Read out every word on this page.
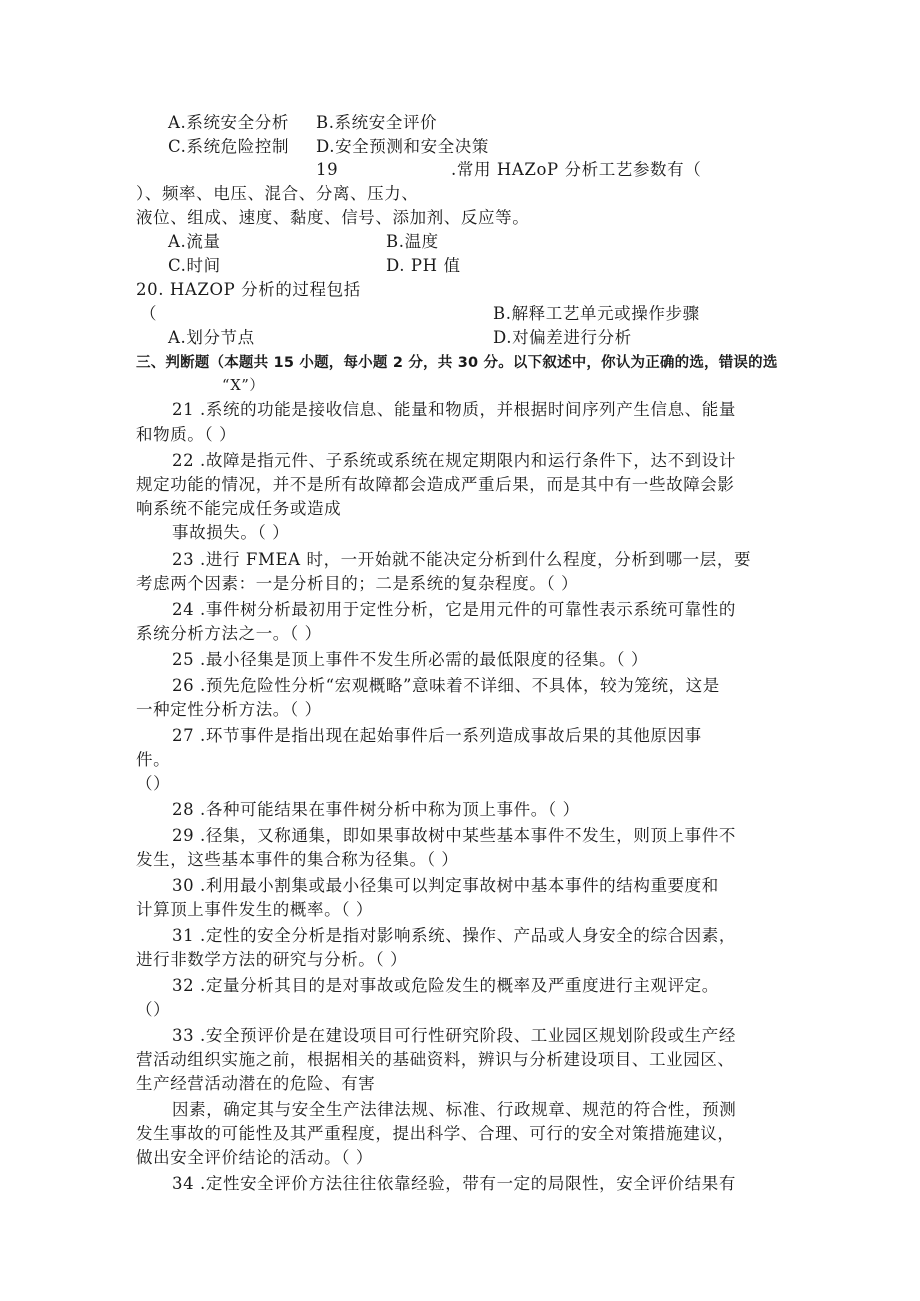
A.系统安全分析 B.系统安全评价
C.系统危险控制 D.安全预测和安全决策
19	.常用 HAZoP 分析工艺参数有（
）、频率、电压、混合、分离、压力、
液位、组成、速度、黏度、信号、添加剂、反应等。
A.流量	B.温度
C.时间	D. PH 值
20. HAZOP 分析的过程包括
（	B.解释工艺单元或操作步骤
A.划分节点	D.对偏差进行分析
三、判断题（本题共 15 小题，每小题 2 分，共 30 分。以下叙述中，你认为正确的选，错误的选
“X”）
21 .系统的功能是接收信息、能量和物质，并根据时间序列产生信息、能量
和物质。（ ）
22 .故障是指元件、子系统或系统在规定期限内和运行条件下，达不到设计
规定功能的情况，并不是所有故障都会造成严重后果，而是其中有一些故障会影
响系统不能完成任务或造成
事故损失。（ ）
23 .进行 FMEA 时，一开始就不能决定分析到什么程度，分析到哪一层，要
考虑两个因素：一是分析目的；二是系统的复杂程度。（ ）
24 .事件树分析最初用于定性分析，它是用元件的可靠性表示系统可靠性的
系统分析方法之一。（ ）
25 .最小径集是顶上事件不发生所必需的最低限度的径集。（ ）
26 .预先危险性分析“宏观概略”意味着不详细、不具体，较为笼统，这是
一种定性分析方法。（ ）
27 .环节事件是指出现在起始事件后一系列造成事故后果的其他原因事
件。
（）
28 .各种可能结果在事件树分析中称为顶上事件。（ ）
29 .径集，又称通集，即如果事故树中某些基本事件不发生，则顶上事件不
发生，这些基本事件的集合称为径集。（ ）
30 .利用最小割集或最小径集可以判定事故树中基本事件的结构重要度和
计算顶上事件发生的概率。（ ）
31 .定性的安全分析是指对影响系统、操作、产品或人身安全的综合因素，
进行非数学方法的研究与分析。（ ）
32 .定量分析其目的是对事故或危险发生的概率及严重度进行主观评定。
（）
33 .安全预评价是在建设项目可行性研究阶段、工业园区规划阶段或生产经
营活动组织实施之前，根据相关的基础资料，辨识与分析建设项目、工业园区、
生产经营活动潜在的危险、有害
因素，确定其与安全生产法律法规、标准、行政规章、规范的符合性，预测
发生事故的可能性及其严重程度，提出科学、合理、可行的安全对策措施建议，
做出安全评价结论的活动。（ ）
34 .定性安全评价方法往往依靠经验，带有一定的局限性，安全评价结果有
